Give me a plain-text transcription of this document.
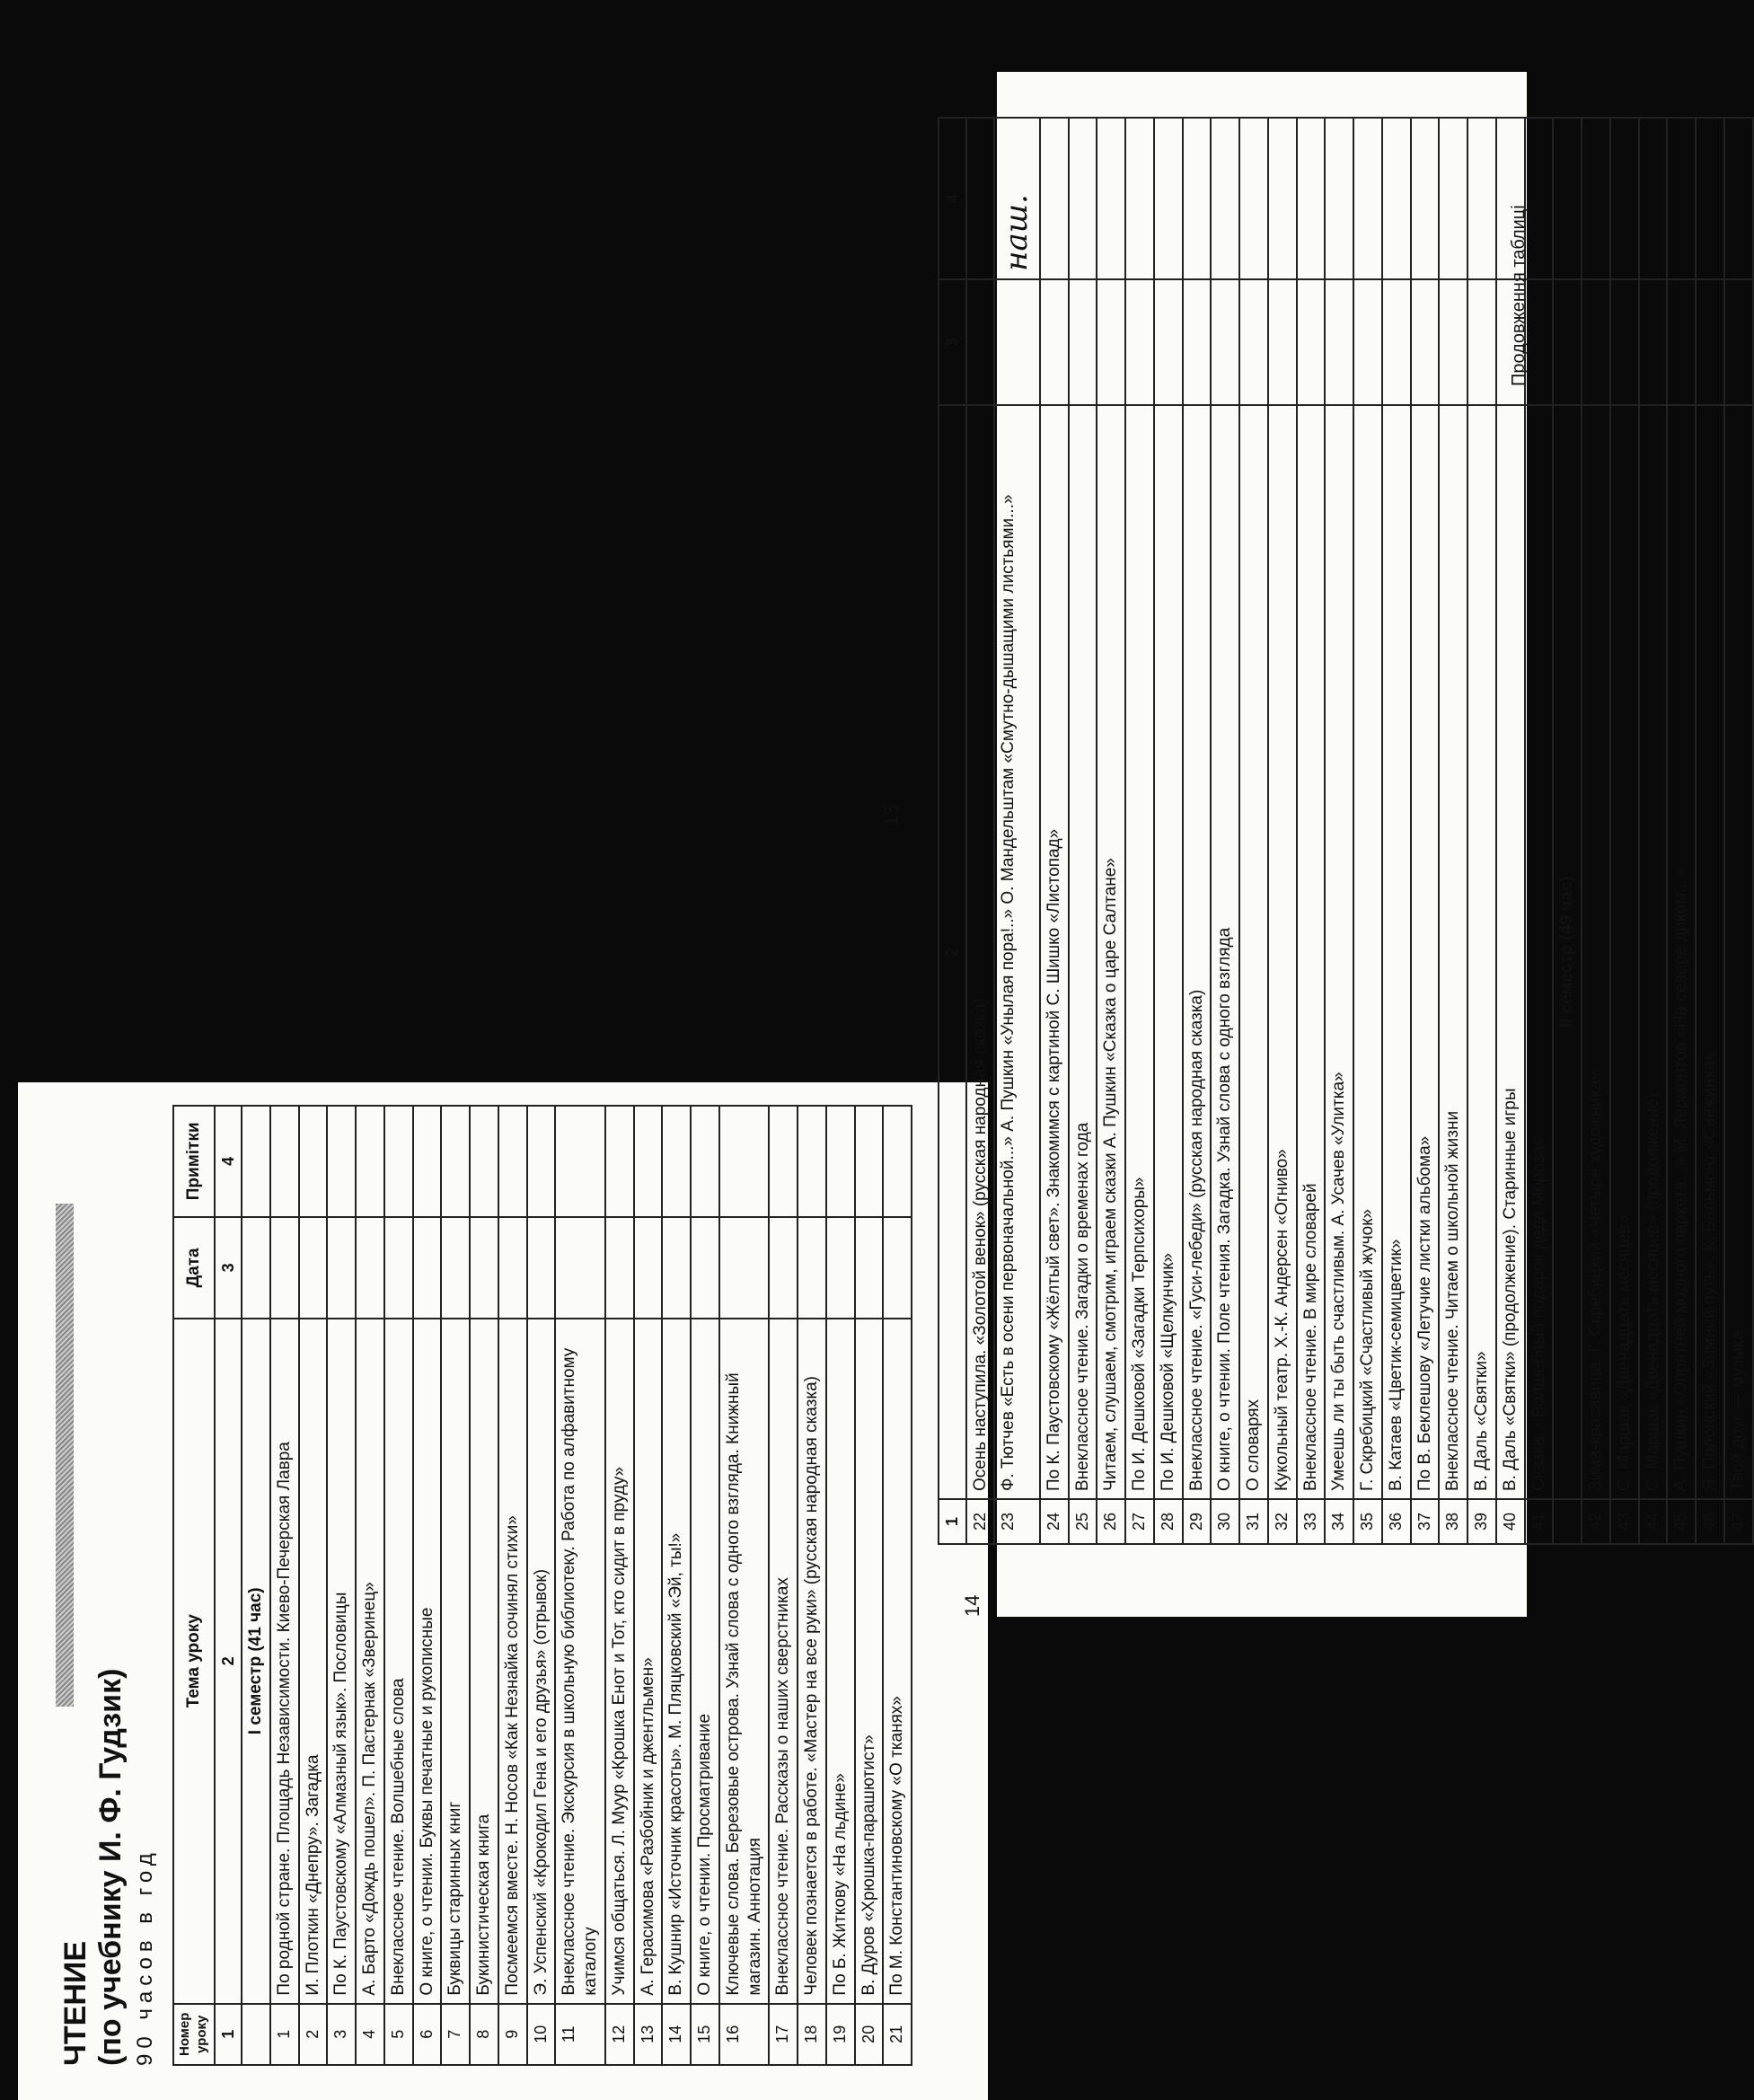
ЧТЕНИЕ (по учебнику И. Ф. Гудзик) 90 часов в год Номер уроку	Тема уроку	Дата	Примітки
1	2	3	4
	І семестр (41 час)		
1	По родной стране. Площадь Независимости. Киево-Печерская Лавра		
2	И. Плоткин «Днепру». Загадка		
3	По К. Паустовскому «Алмазный язык». Пословицы		
4	А. Барто «Дождь пошел». П. Пастернак «Зверинец»		
5	Внеклассное чтение. Волшебные слова		
6	О книге, о чтении. Буквы печатные и рукописные		
7	Буквицы старинных книг		
8	Букинистическая книга		
9	Посмеемся вместе. Н. Носов «Как Незнайка сочинял стихи»		
10	Э. Успенский «Крокодил Гена и его друзья» (отрывок)		
11	Внеклассное чтение. Экскурсия в школьную библиотеку. Работа по алфавитному каталогу		
12	Учимся общаться. Л. Муур «Крошка Енот и Тот, кто сидит в пруду»		
13	А. Герасимова «Разбойник и джентльмен»		
14	В. Кушнир «Источник красоты». М. Пляцковский «Эй, ты!»		
15	О книге, о чтении. Просматривание		
16	Ключевые слова. Березовые острова. Узнай слова с одного взгляда. Книжный магазин. Аннотация		
17	Внеклассное чтение. Рассказы о наших сверстниках		
18	Человек познается в работе. «Мастер на все руки» (русская народная сказка)		
19	По Б. Житкову «На льдине»		
20	В. Дуров «Хрюшка-парашютист»		
21	По М. Константиновскому «О тканях»		
14
Продовження таблиці
1	2	3	4
22	Осень наступила. «Золотой венок» (русская народная сказка)		
23	Ф. Тютчев «Есть в осени первоначальной...» А. Пушкин «Унылая пора!..» О. Мандельштам «Смутно-дышащими листьями...»		наш.
24	По К. Паустовскому «Жёлтый свет». Знакомимся с картиной С. Шишко «Листопад»		
25	Внеклассное чтение. Загадки о временах года		
26	Читаем, слушаем, смотрим, играем сказки А. Пушкин «Сказка о царе Салтане»		
27	По И. Дешковой «Загадки Терпсихоры»		
28	По И. Дешковой «Щелкунчик»		
29	Внеклассное чтение. «Гуси-лебеди» (русская народная сказка)		
30	О книге, о чтении. Поле чтения. Загадка. Узнай слова с одного взгляда		
31	О словарях		
32	Кукольный театр. Х.-К. Андерсен «Огниво»		
33	Внеклассное чтение. В мире словарей		
34	Умеешь ли ты быть счастливым. А. Усачев «Улитка»		
35	Г. Скребицкий «Счастливый жучок»		
36	В. Катаев «Цветик-семицветик»		
37	По В. Беклешову «Летучие листки альбома»		
38	Внеклассное чтение. Читаем о школьной жизни		
39	В. Даль «Святки»		
40	В. Даль «Святки» (продолжение). Старинные игры		
41	Сказка. «Волшебный подарок деда Мороза»		
	ІІ семестр (49 час)		
42	Зима-красавица. Г. Скребицкий «Четыре художника»		
43	С. Маршак «Двенадцать месяцев»		
44	С. Маршак «Двенадцать месяцев» (продолжение)		
45	А. Пушкин «Опрятней модного паркета...» М. Лермонтов «На севере диком...»		
46	Я. Полонский «Зимний путь». К. Бальмонт «Снежинка»		
47	Твой друг — музыка		
15
